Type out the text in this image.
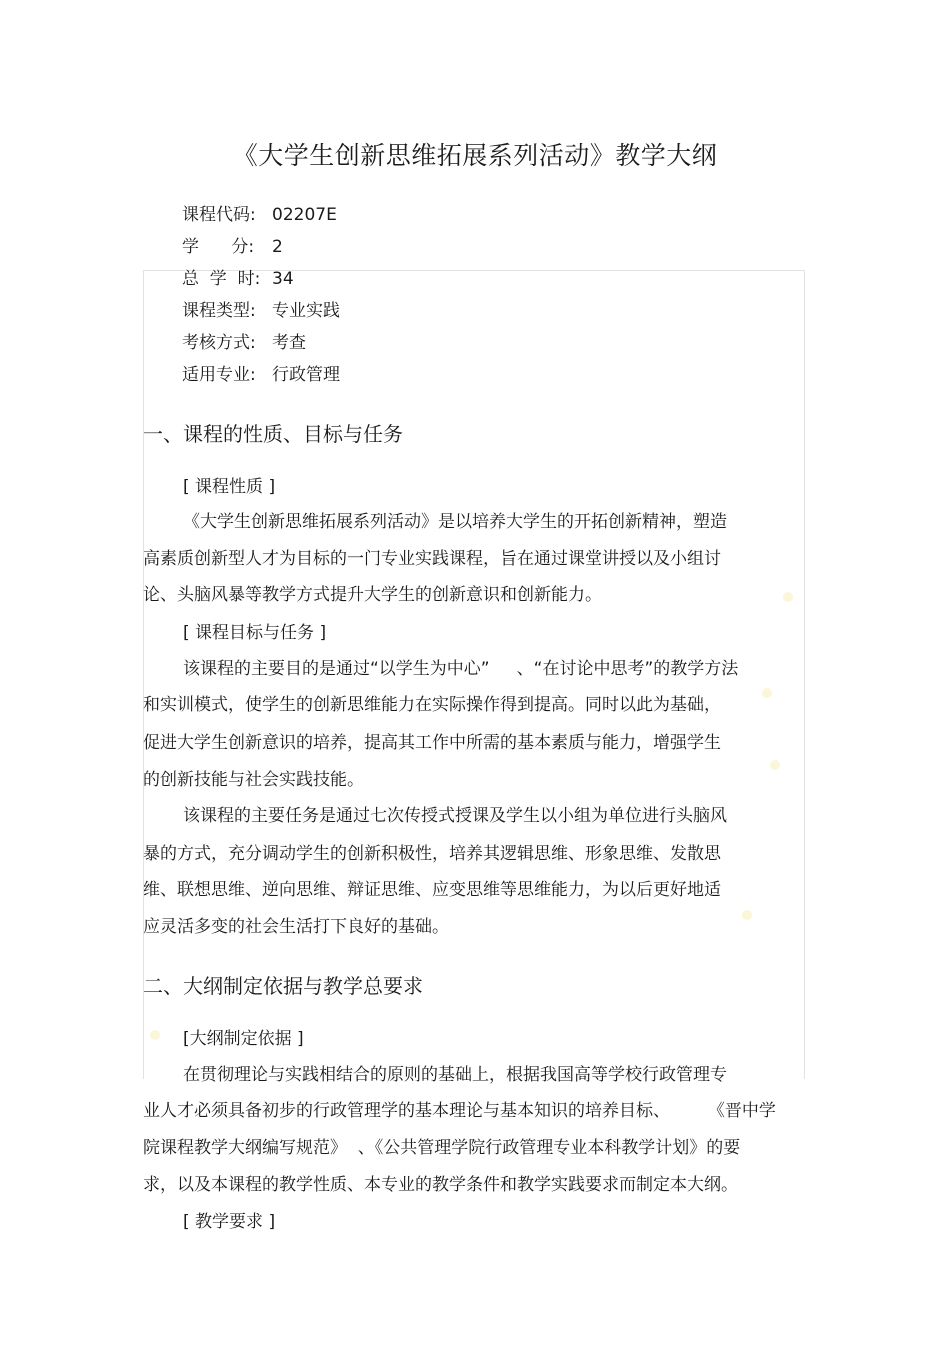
《大学生创新思维拓展系列活动》教学大纲
课程代码: 02207E
学      分: 2
总  学  时: 34
课程类型: 专业实践
考核方式: 考查
适用专业: 行政管理
一、课程的性质、目标与任务
[ 课程性质 ]
《大学生创新思维拓展系列活动》是以培养大学生的开拓创新精神，塑造
高素质创新型人才为目标的一门专业实践课程，旨在通过课堂讲授以及小组讨
论、头脑风暴等教学方式提升大学生的创新意识和创新能力。
[ 课程目标与任务 ]
该课程的主要目的是通过“以学生为中心”     、“在讨论中思考”的教学方法
和实训模式，使学生的创新思维能力在实际操作得到提高。同时以此为基础，
促进大学生创新意识的培养，提高其工作中所需的基本素质与能力，增强学生
的创新技能与社会实践技能。
该课程的主要任务是通过七次传授式授课及学生以小组为单位进行头脑风
暴的方式，充分调动学生的创新积极性，培养其逻辑思维、形象思维、发散思
维、联想思维、逆向思维、辩证思维、应变思维等思维能力，为以后更好地适
应灵活多变的社会生活打下良好的基础。
二、大纲制定依据与教学总要求
[大纲制定依据 ]
在贯彻理论与实践相结合的原则的基础上，根据我国高等学校行政管理专
业人才必须具备初步的行政管理学的基本理论与基本知识的培养目标、       《晋中学
院课程教学大纲编写规范》  、《公共管理学院行政管理专业本科教学计划》的要
求，以及本课程的教学性质、本专业的教学条件和教学实践要求而制定本大纲。
[ 教学要求 ]
